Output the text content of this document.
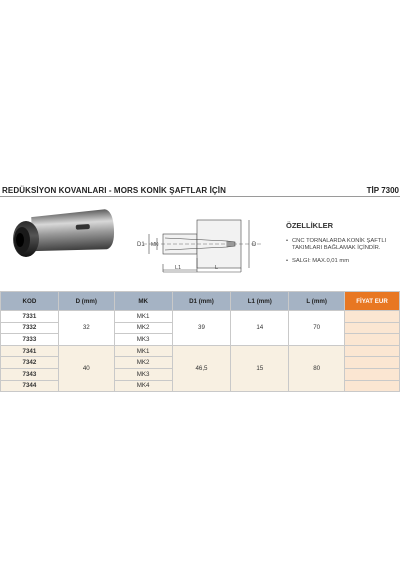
REDÜKSİYON KOVANLARI - MORS KONİK ŞAFTLAR İÇİN	TİP 7300
D1 MK	D
L1	L
ÖZELLİKLER
• CNC TORNALARDA KONİK ŞAFTLI TAKIMLARI BAĞLAMAK İÇİNDİR.
• SALGI: MAX.0,01 mm
KOD	D (mm)	MK	D1 (mm)	L1 (mm)	L (mm)	FİYAT EUR
7331	32	MK1	39	14	70	
7332		MK2				
7333		MK3				
7341	40	MK1	46,5	15	80	
7342		MK2				
7343		MK3				
7344		MK4				
